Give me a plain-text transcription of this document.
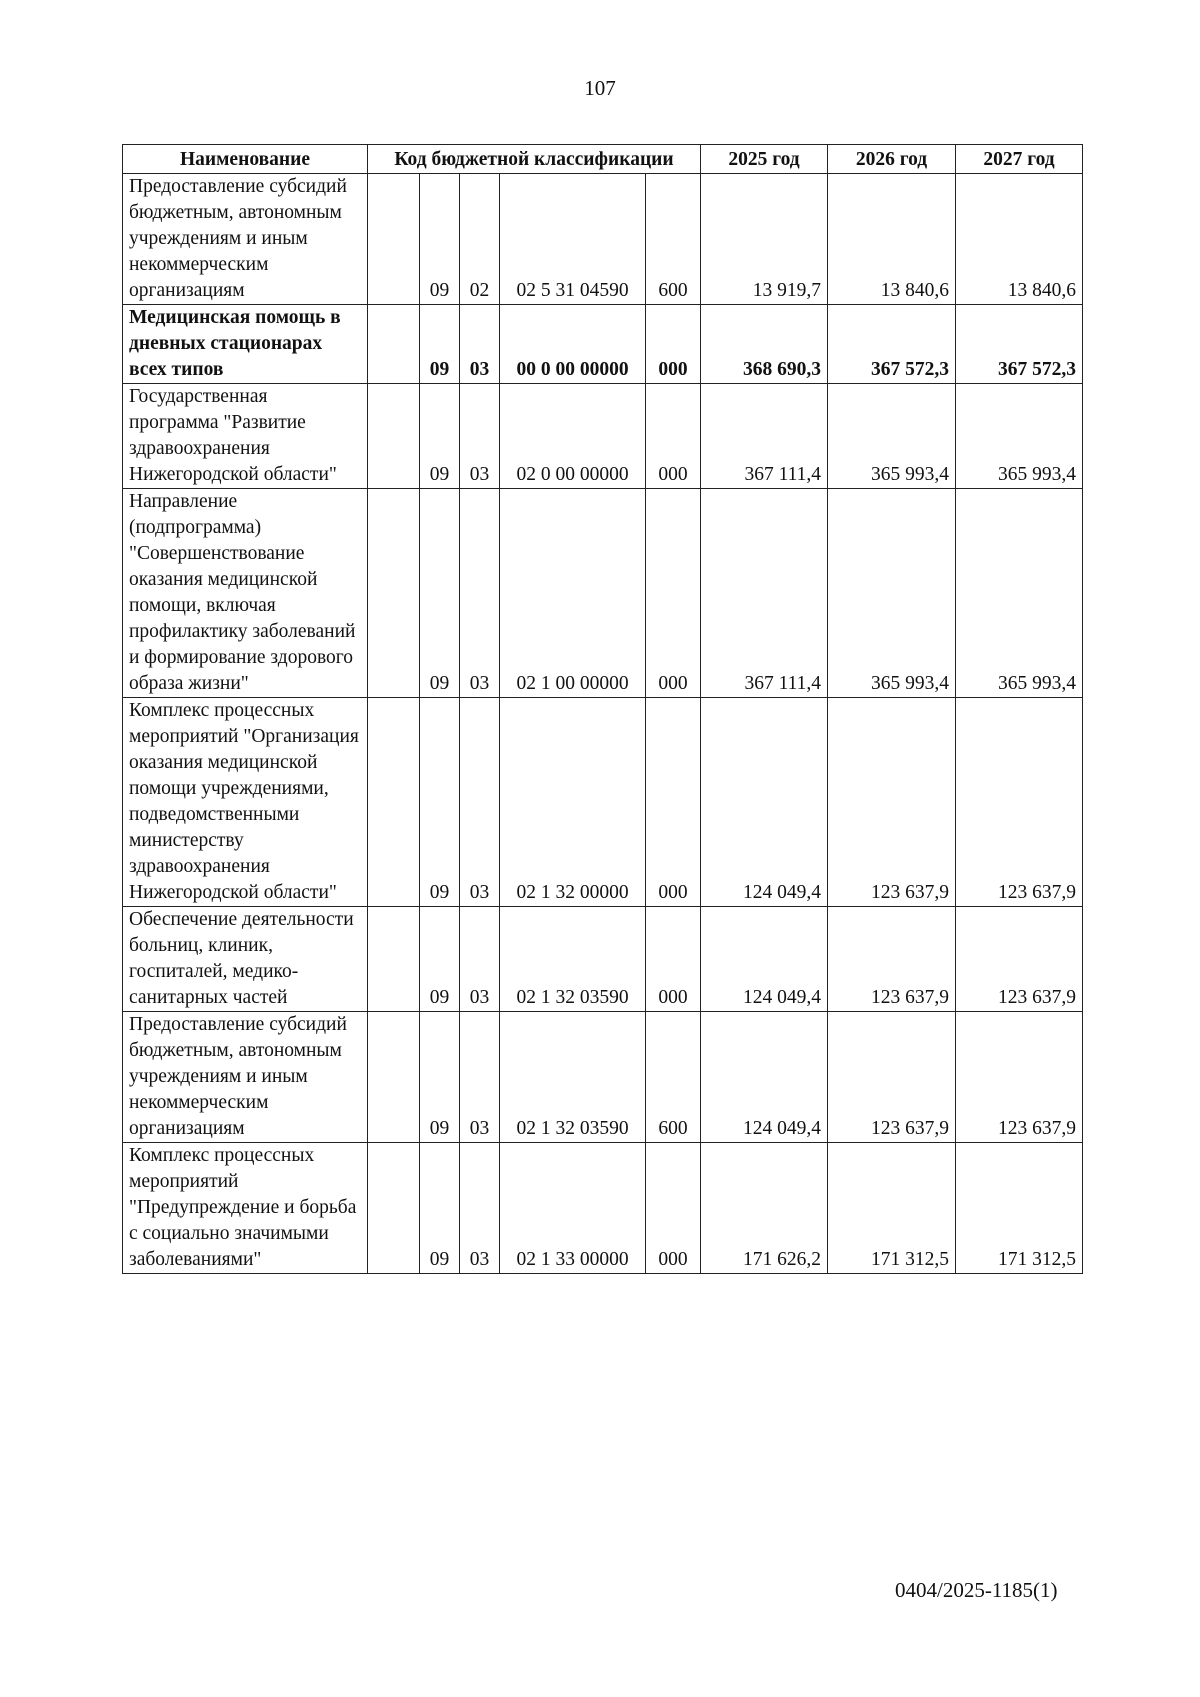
107
Наименование	Код бюджетной классификации					2025 год	2026 год	2027 год
Предоставление субсидий бюджетным, автономным учреждениям и иным некоммерческим организациям		09	02	02 5 31 04590	600	13 919,7	13 840,6	13 840,6
Медицинская помощь в дневных стационарах всех типов		09	03	00 0 00 00000	000	368 690,3	367 572,3	367 572,3
Государственная программа "Развитие здравоохранения Нижегородской области"		09	03	02 0 00 00000	000	367 111,4	365 993,4	365 993,4
Направление (подпрограмма) "Совершенствование оказания медицинской помощи, включая профилактику заболеваний и формирование здорового образа жизни"		09	03	02 1 00 00000	000	367 111,4	365 993,4	365 993,4
Комплекс процессных мероприятий "Организация оказания медицинской помощи учреждениями, подведомственными министерству здравоохранения Нижегородской области"		09	03	02 1 32 00000	000	124 049,4	123 637,9	123 637,9
Обеспечение деятельности больниц, клиник, госпиталей, медико-санитарных частей		09	03	02 1 32 03590	000	124 049,4	123 637,9	123 637,9
Предоставление субсидий бюджетным, автономным учреждениям и иным некоммерческим организациям		09	03	02 1 32 03590	600	124 049,4	123 637,9	123 637,9
Комплекс процессных мероприятий "Предупреждение и борьба с социально значимыми заболеваниями"		09	03	02 1 33 00000	000	171 626,2	171 312,5	171 312,5
0404/2025-1185(1)
